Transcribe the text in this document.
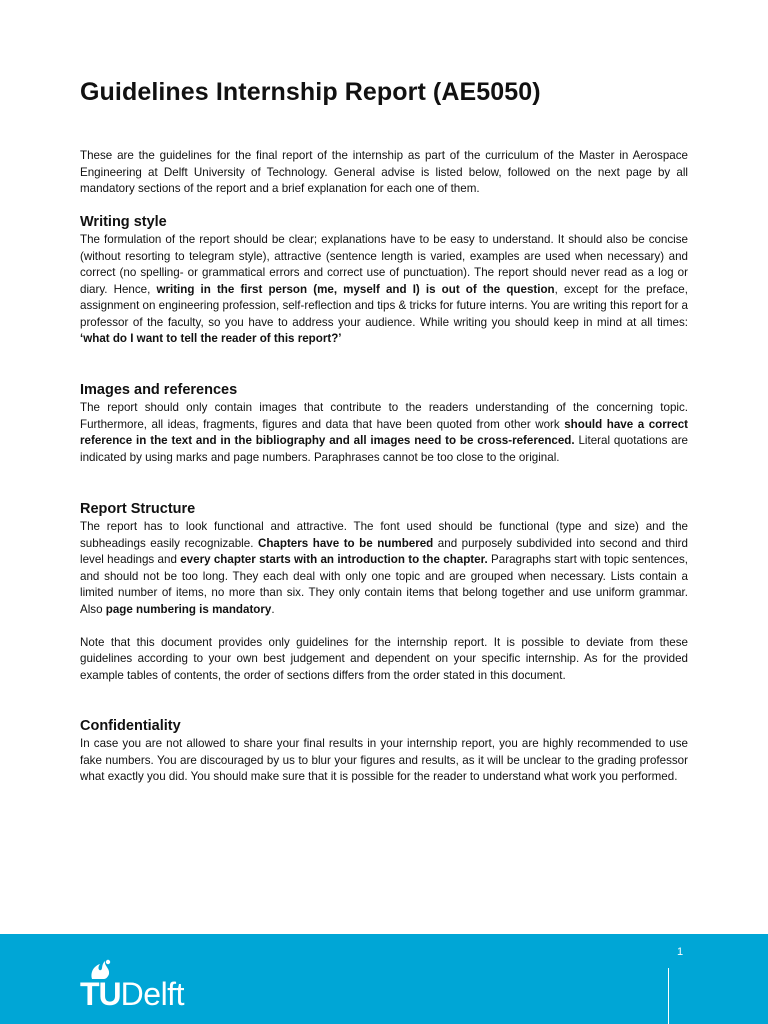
Guidelines Internship Report (AE5050)

These are the guidelines for the final report of the internship as part of the curriculum of the Master in Aerospace Engineering at Delft University of Technology. General advise is listed below, followed on the next page by all mandatory sections of the report and a brief explanation for each one of them.

Writing style

The formulation of the report should be clear; explanations have to be easy to understand. It should also be concise (without resorting to telegram style), attractive (sentence length is varied, examples are used when necessary) and correct (no spelling- or grammatical errors and correct use of punctuation). The report should never read as a log or diary. Hence, writing in the first person (me, myself and I) is out of the question, except for the preface, assignment on engineering profession, self-reflection and tips & tricks for future interns. You are writing this report for a professor of the faculty, so you have to address your audience. While writing you should keep in mind at all times: ‘what do I want to tell the reader of this report?’

Images and references

The report should only contain images that contribute to the readers understanding of the concerning topic. Furthermore, all ideas, fragments, figures and data that have been quoted from other work should have a correct reference in the text and in the bibliography and all images need to be cross-referenced. Literal quotations are indicated by using marks and page numbers. Paraphrases cannot be too close to the original.

Report Structure

The report has to look functional and attractive. The font used should be functional (type and size) and the subheadings easily recognizable. Chapters have to be numbered and purposely subdivided into second and third level headings and every chapter starts with an introduction to the chapter. Paragraphs start with topic sentences, and should not be too long. They each deal with only one topic and are grouped when necessary. Lists contain a limited number of items, no more than six. They only contain items that belong together and use uniform grammar. Also page numbering is mandatory.

Note that this document provides only guidelines for the internship report. It is possible to deviate from these guidelines according to your own best judgement and dependent on your specific internship. As for the provided example tables of contents, the order of sections differs from the order stated in this document.

Confidentiality

In case you are not allowed to share your final results in your internship report, you are highly recommended to use fake numbers. You are discouraged by us to blur your figures and results, as it will be unclear to the grading professor what exactly you did. You should make sure that it is possible for the reader to understand what work you performed.

TUDelft
1
